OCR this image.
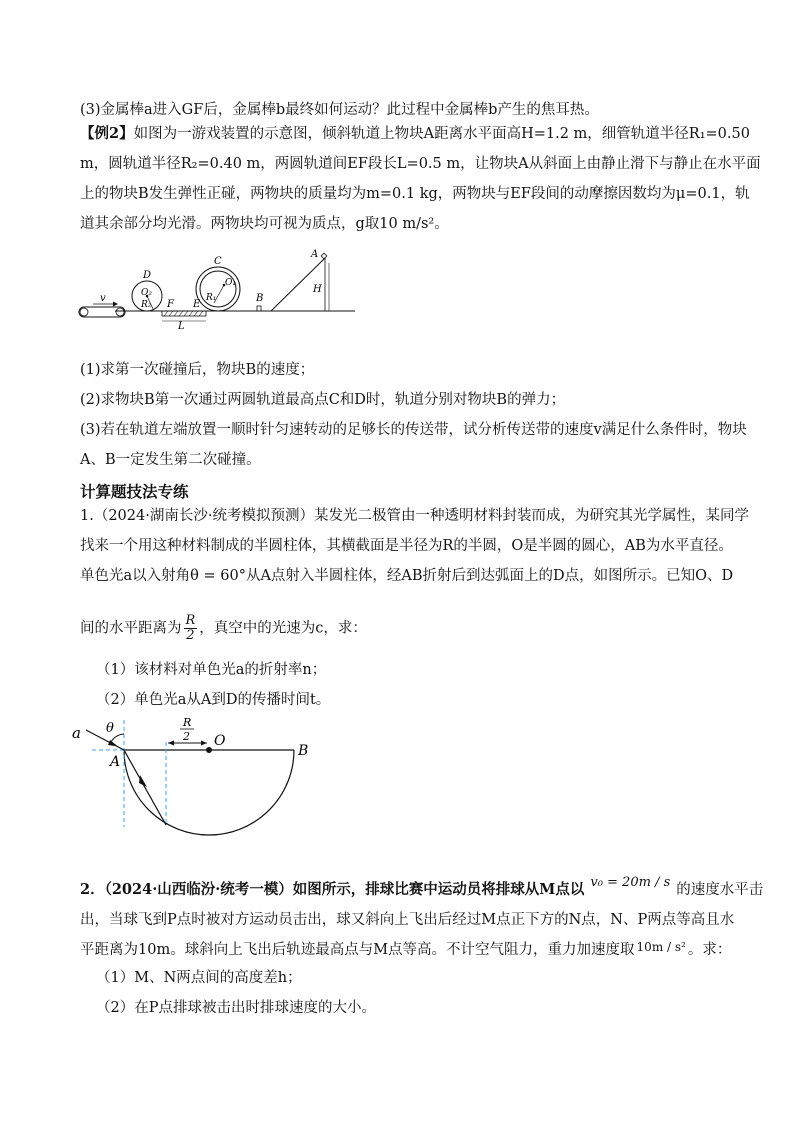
(3)金属棒a进入GF后，金属棒b最终如何运动？此过程中金属棒b产生的焦耳热。
【例2】如图为一游戏装置的示意图，倾斜轨道上物块A距离水平面高H=1.2 m，细管轨道半径R₁=0.50
m，圆轨道半径R₂=0.40 m，两圆轨道间EF段长L=0.5 m，让物块A从斜面上由静止滑下与静止在水平面
上的物块B发生弹性正碰，两物块的质量均为m=0.1 kg，两物块与EF段间的动摩擦因数均为μ=0.1，轨
道其余部分均光滑。两物块均可视为质点，g取10 m/s²。
v
D
O₂
R₂ F
L
E
C
O₁
R₁	B
A
H
(1)求第一次碰撞后，物块B的速度；
(2)求物块B第一次通过两圆轨道最高点C和D时，轨道分别对物块B的弹力；
(3)若在轨道左端放置一顺时针匀速转动的足够长的传送带，试分析传送带的速度v满足什么条件时，物块
A、B一定发生第二次碰撞。
计算题技法专练
1.（2024·湖南长沙·统考模拟预测）某发光二极管由一种透明材料封装而成，为研究其光学属性，某同学
找来一个用这种材料制成的半圆柱体，其横截面是半径为R的半圆，O是半圆的圆心，AB为水平直径。
单色光a以入射角θ = 60°从A点射入半圆柱体，经AB折射后到达弧面上的D点，如图所示。已知O、D
间的水平距离为 $\frac{R}{2}$ ，真空中的光速为c，求：
（1）该材料对单色光a的折射率n；
（2）单色光a从A到D的传播时间t。
θ
a
A
O
B
R
2
2．（2024·山西临汾·统考一模）如图所示，排球比赛中运动员将排球从M点以 v₀ = 20m / s 的速度水平击
出，当球飞到P点时被对方运动员击出，球又斜向上飞出后经过M点正下方的N点，N、P两点等高且水
平距离为10m。球斜向上飞出后轨迹最高点与M点等高。不计空气阻力，重力加速度取 10m / s² 。求：
（1）M、N两点间的高度差h；
（2）在P点排球被击出时排球速度的大小。
